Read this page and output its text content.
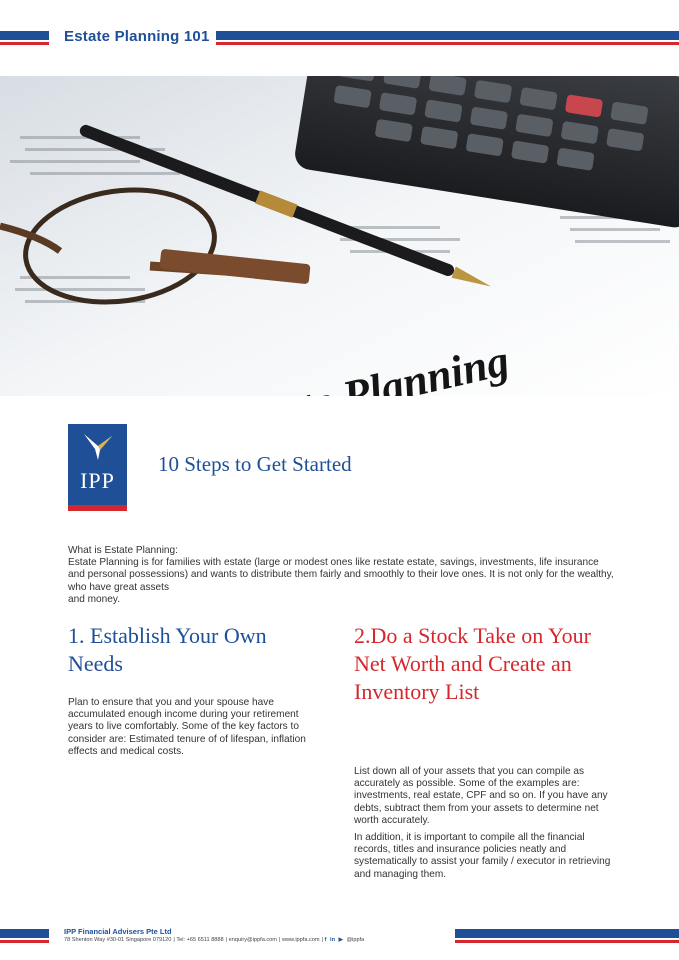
Estate Planning 101
IPP
10 Steps to Get Started

What is Estate Planning:

Estate Planning is for families with estate (large or modest ones like restate estate, savings, investments, life insurance and personal possessions) and wants to distribute them fairly and smoothly to their love ones. It is not only for the wealthy, who have great assets

and money.

1. Establish Your Own Needs
Plan to ensure that you and your spouse have accumulated enough income during your retirement years to live comfortably. Some of the key factors to consider are: Estimated tenure of of lifespan, inflation effects and medical costs.
2.Do a Stock Take on Your Net Worth and Create an Inventory List
List down all of your assets that you can compile as accurately as possible. Some of the examples are: investments, real estate, CPF and so on. If you have any debts, subtract them from your assets to determine net worth accurately.
In addition, it is important to compile all the financial records, titles and insurance policies neatly and systematically to assist your family / executor in retrieving and managing them.
IPP Financial Advisers Pte Ltd
78 Shenton Way #30-01 Singapore 079120 | Tel: +65 6511 8888 | enquiry@ippfa.com | www.ippfa.com | f in ▶ @ippfa
